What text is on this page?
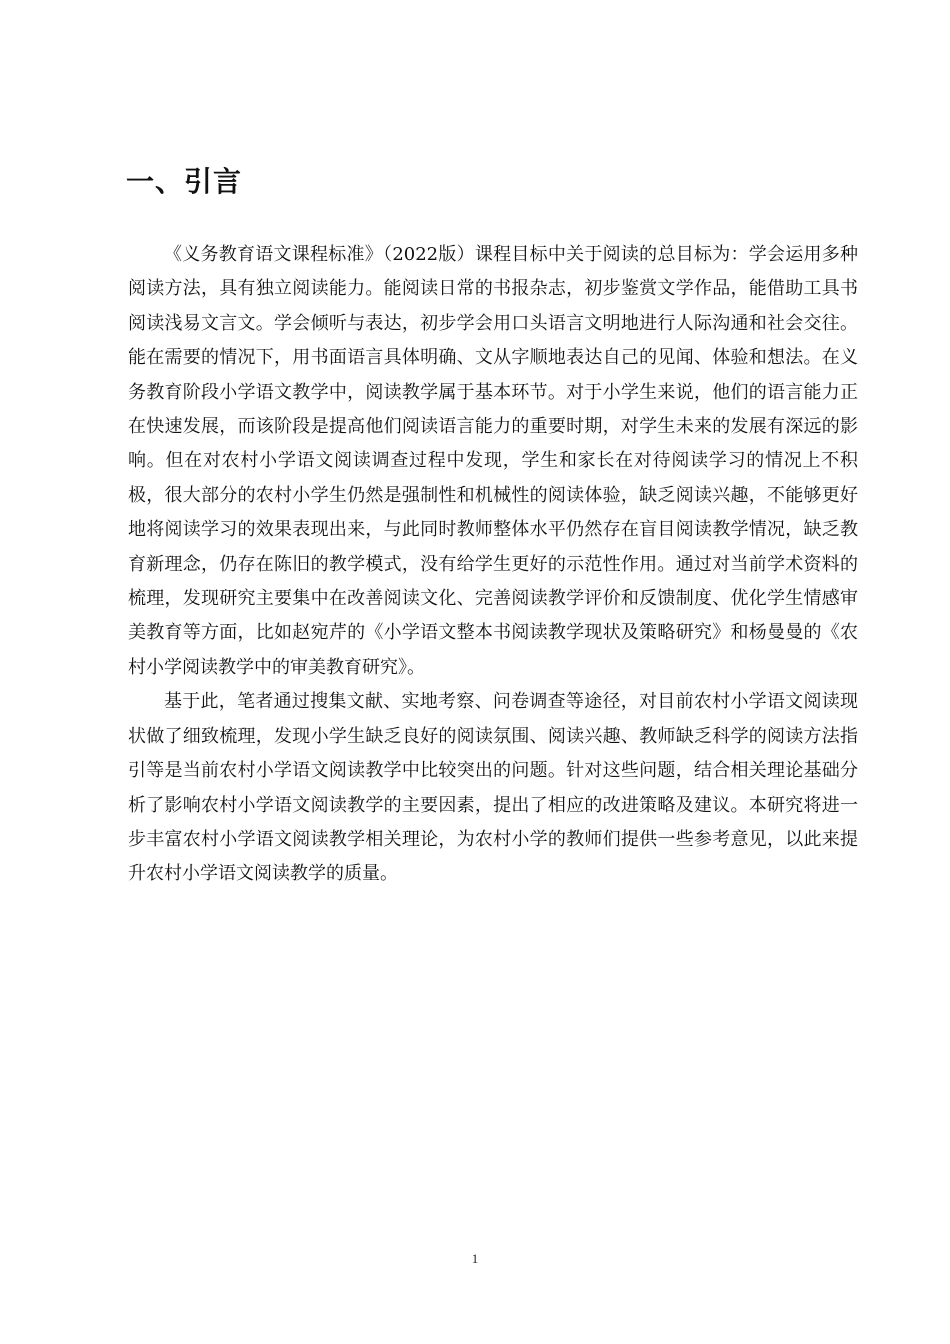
一、引言

《义务教育语文课程标准》（2022版）课程目标中关于阅读的总目标为：学会运用多种阅读方法，具有独立阅读能力。能阅读日常的书报杂志，初步鉴赏文学作品，能借助工具书阅读浅易文言文。学会倾听与表达，初步学会用口头语言文明地进行人际沟通和社会交往。能在需要的情况下，用书面语言具体明确、文从字顺地表达自己的见闻、体验和想法。在义务教育阶段小学语文教学中，阅读教学属于基本环节。对于小学生来说，他们的语言能力正在快速发展，而该阶段是提高他们阅读语言能力的重要时期，对学生未来的发展有深远的影响。但在对农村小学语文阅读调查过程中发现，学生和家长在对待阅读学习的情况上不积极，很大部分的农村小学生仍然是强制性和机械性的阅读体验，缺乏阅读兴趣，不能够更好地将阅读学习的效果表现出来，与此同时教师整体水平仍然存在盲目阅读教学情况，缺乏教育新理念，仍存在陈旧的教学模式，没有给学生更好的示范性作用。通过对当前学术资料的梳理，发现研究主要集中在改善阅读文化、完善阅读教学评价和反馈制度、优化学生情感审美教育等方面，比如赵宛芹的《小学语文整本书阅读教学现状及策略研究》和杨曼曼的《农村小学阅读教学中的审美教育研究》。

基于此，笔者通过搜集文献、实地考察、问卷调查等途径，对目前农村小学语文阅读现状做了细致梳理，发现小学生缺乏良好的阅读氛围、阅读兴趣、教师缺乏科学的阅读方法指引等是当前农村小学语文阅读教学中比较突出的问题。针对这些问题，结合相关理论基础分析了影响农村小学语文阅读教学的主要因素，提出了相应的改进策略及建议。本研究将进一步丰富农村小学语文阅读教学相关理论，为农村小学的教师们提供一些参考意见，以此来提升农村小学语文阅读教学的质量。

1
